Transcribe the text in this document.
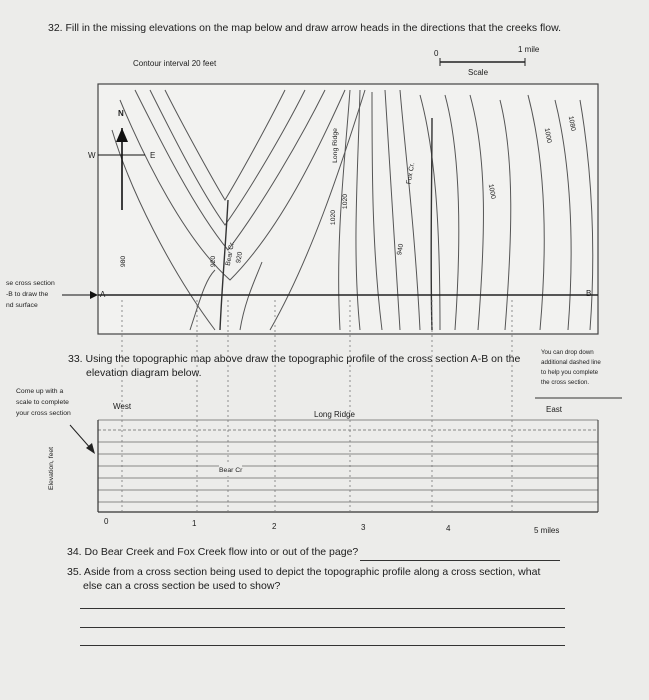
32. Fill in the missing elevations on the map below and draw arrow heads in the directions that the creeks flow.
Contour interval 20 feet
0	1 mile
Scale
N
W	E
A	B
Long Ridge
Bear Cr.
Fox Cr.
980	920	920
1020
1020
940
1000
1000
1080
se cross section
-B to draw the
nd surface
33. Using the topographic map above draw the topographic profile of the cross section A-B on the
elevation diagram below.
You can drop down
additional dashed line
to help you complete
the cross section.
Come up with a
scale to complete
your cross section
West	East
Long Ridge
Bear Cr
Elevation, feet
0	1	2	3	4	5 miles
34. Do Bear Creek and Fox Creek flow into or out of the page?
35. Aside from a cross section being used to depict the topographic profile along a cross section, what
else can a cross section be used to show?
